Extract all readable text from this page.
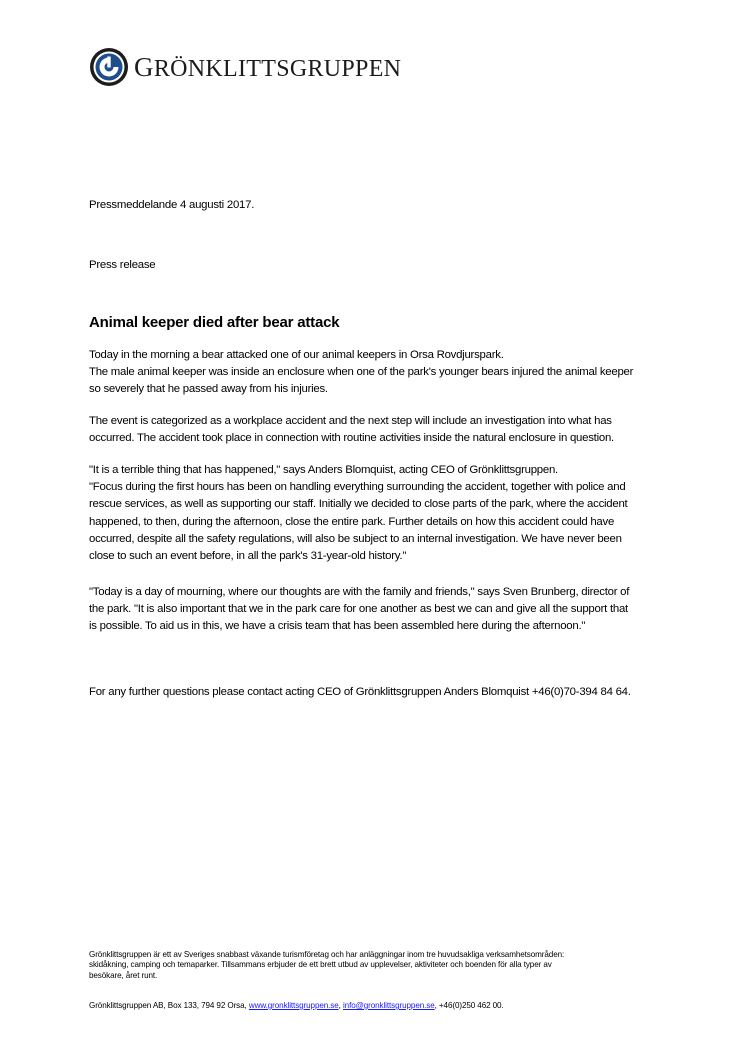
GRÖNKLITTSGRUPPEN
Pressmeddelande 4 augusti 2017.
Press release
Animal keeper died after bear attack

Today in the morning a bear attacked one of our animal keepers in Orsa Rovdjurspark.
The male animal keeper was inside an enclosure when one of the park's younger bears injured the animal keeper
so severely that he passed away from his injuries.

The event is categorized as a workplace accident and the next step will include an investigation into what has
occurred. The accident took place in connection with routine activities inside the natural enclosure in question.

"It is a terrible thing that has happened," says Anders Blomquist, acting CEO of Grönklittsgruppen.
"Focus during the first hours has been on handling everything surrounding the accident, together with police and
rescue services, as well as supporting our staff. Initially we decided to close parts of the park, where the accident
happened, to then, during the afternoon, close the entire park. Further details on how this accident could have
occurred, despite all the safety regulations, will also be subject to an internal investigation. We have never been
close to such an event before, in all the park's 31-year-old history."

"Today is a day of mourning, where our thoughts are with the family and friends," says Sven Brunberg, director of
the park. "It is also important that we in the park care for one another as best we can and give all the support that
is possible. To aid us in this, we have a crisis team that has been assembled here during the afternoon."

For any further questions please contact acting CEO of Grönklittsgruppen Anders Blomquist +46(0)70-394 84 64.
Grönklittsgruppen är ett av Sveriges snabbast växande turismföretag och har anläggningar inom tre huvudsakliga verksamhetsområden:
skidåkning, camping och temaparker. Tillsammans erbjuder de ett brett utbud av upplevelser, aktiviteter och boenden för alla typer av
besökare, året runt.
Grönklittsgruppen AB, Box 133, 794 92 Orsa, www.gronklittsgruppen.se, info@gronklittsgruppen.se, +46(0)250 462 00.
